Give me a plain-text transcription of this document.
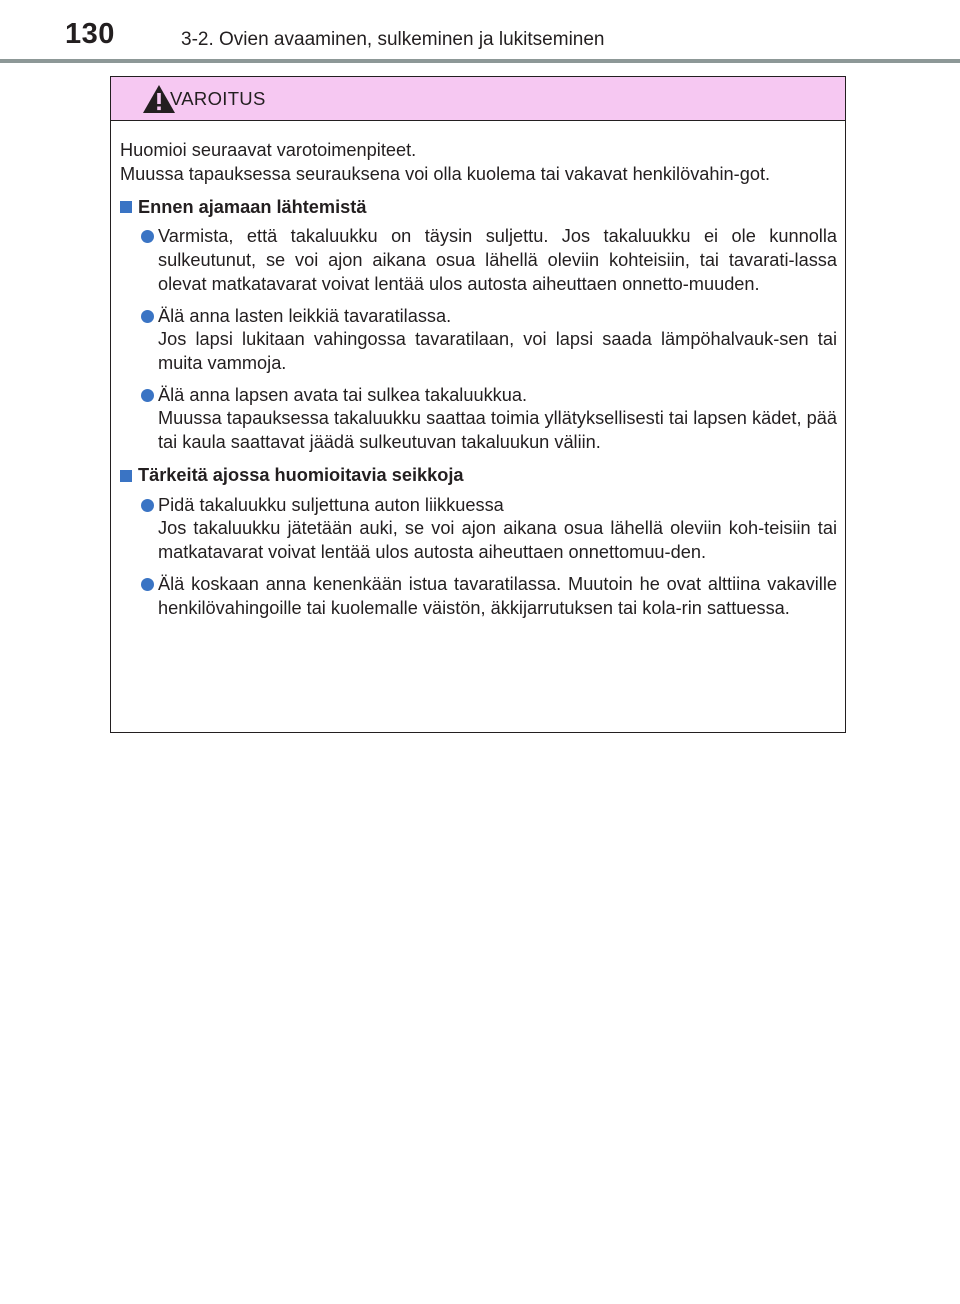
130	3-2. Ovien avaaminen, sulkeminen ja lukitseminen
VAROITUS

Huomioi seuraavat varotoimenpiteet.

Muussa tapauksessa seurauksena voi olla kuolema tai vakavat henkilövahin-got.

Ennen ajamaan lähtemistä
Varmista, että takaluukku on täysin suljettu. Jos takaluukku ei ole kunnolla sulkeutunut, se voi ajon aikana osua lähellä oleviin kohteisiin, tai tavarati-lassa olevat matkatavarat voivat lentää ulos autosta aiheuttaen onnetto-muuden.
Älä anna lasten leikkiä tavaratilassa.
Jos lapsi lukitaan vahingossa tavaratilaan, voi lapsi saada lämpöhalvauk-sen tai muita vammoja.
Älä anna lapsen avata tai sulkea takaluukkua.
Muussa tapauksessa takaluukku saattaa toimia yllätyksellisesti tai lapsen kädet, pää tai kaula saattavat jäädä sulkeutuvan takaluukun väliin.
Tärkeitä ajossa huomioitavia seikkoja
Pidä takaluukku suljettuna auton liikkuessa
Jos takaluukku jätetään auki, se voi ajon aikana osua lähellä oleviin koh-teisiin tai matkatavarat voivat lentää ulos autosta aiheuttaen onnettomuu-den.
Älä koskaan anna kenenkään istua tavaratilassa. Muutoin he ovat alttiina vakaville henkilövahingoille tai kuolemalle väistön, äkkijarrutuksen tai kola-rin sattuessa.
